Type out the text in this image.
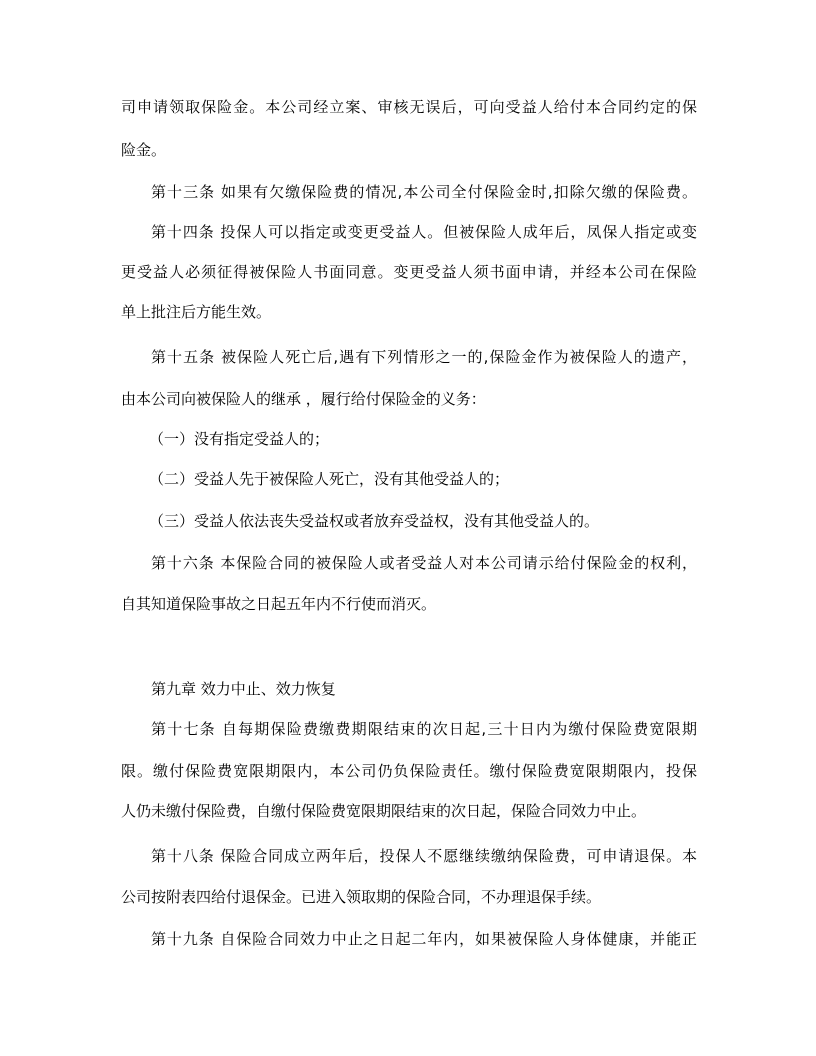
司申请领取保险金。本公司经立案、审核无误后，可向受益人给付本合同约定的保
险金。
第十三条 如果有欠缴保险费的情况,本公司全付保险金时,扣除欠缴的保险费。
第十四条 投保人可以指定或变更受益人。但被保险人成年后，凤保人指定或变
更受益人必须征得被保险人书面同意。变更受益人须书面申请，并经本公司在保险
单上批注后方能生效。
第十五条 被保险人死亡后,遇有下列情形之一的,保险金作为被保险人的遗产，
由本公司向被保险人的继承 ，履行给付保险金的义务：
（一）没有指定受益人的；
（二）受益人先于被保险人死亡，没有其他受益人的；
（三）受益人依法丧失受益权或者放弃受益权，没有其他受益人的。
第十六条 本保险合同的被保险人或者受益人对本公司请示给付保险金的权利，
自其知道保险事故之日起五年内不行使而消灭。
第九章 效力中止、效力恢复
第十七条 自每期保险费缴费期限结束的次日起,三十日内为缴付保险费宽限期
限。缴付保险费宽限期限内，本公司仍负保险责任。缴付保险费宽限期限内，投保
人仍未缴付保险费，自缴付保险费宽限期限结束的次日起，保险合同效力中止。
第十八条 保险合同成立两年后，投保人不愿继续缴纳保险费，可申请退保。本
公司按附表四给付退保金。已进入领取期的保险合同，不办理退保手续。
第十九条 自保险合同效力中止之日起二年内，如果被保险人身体健康，并能正
